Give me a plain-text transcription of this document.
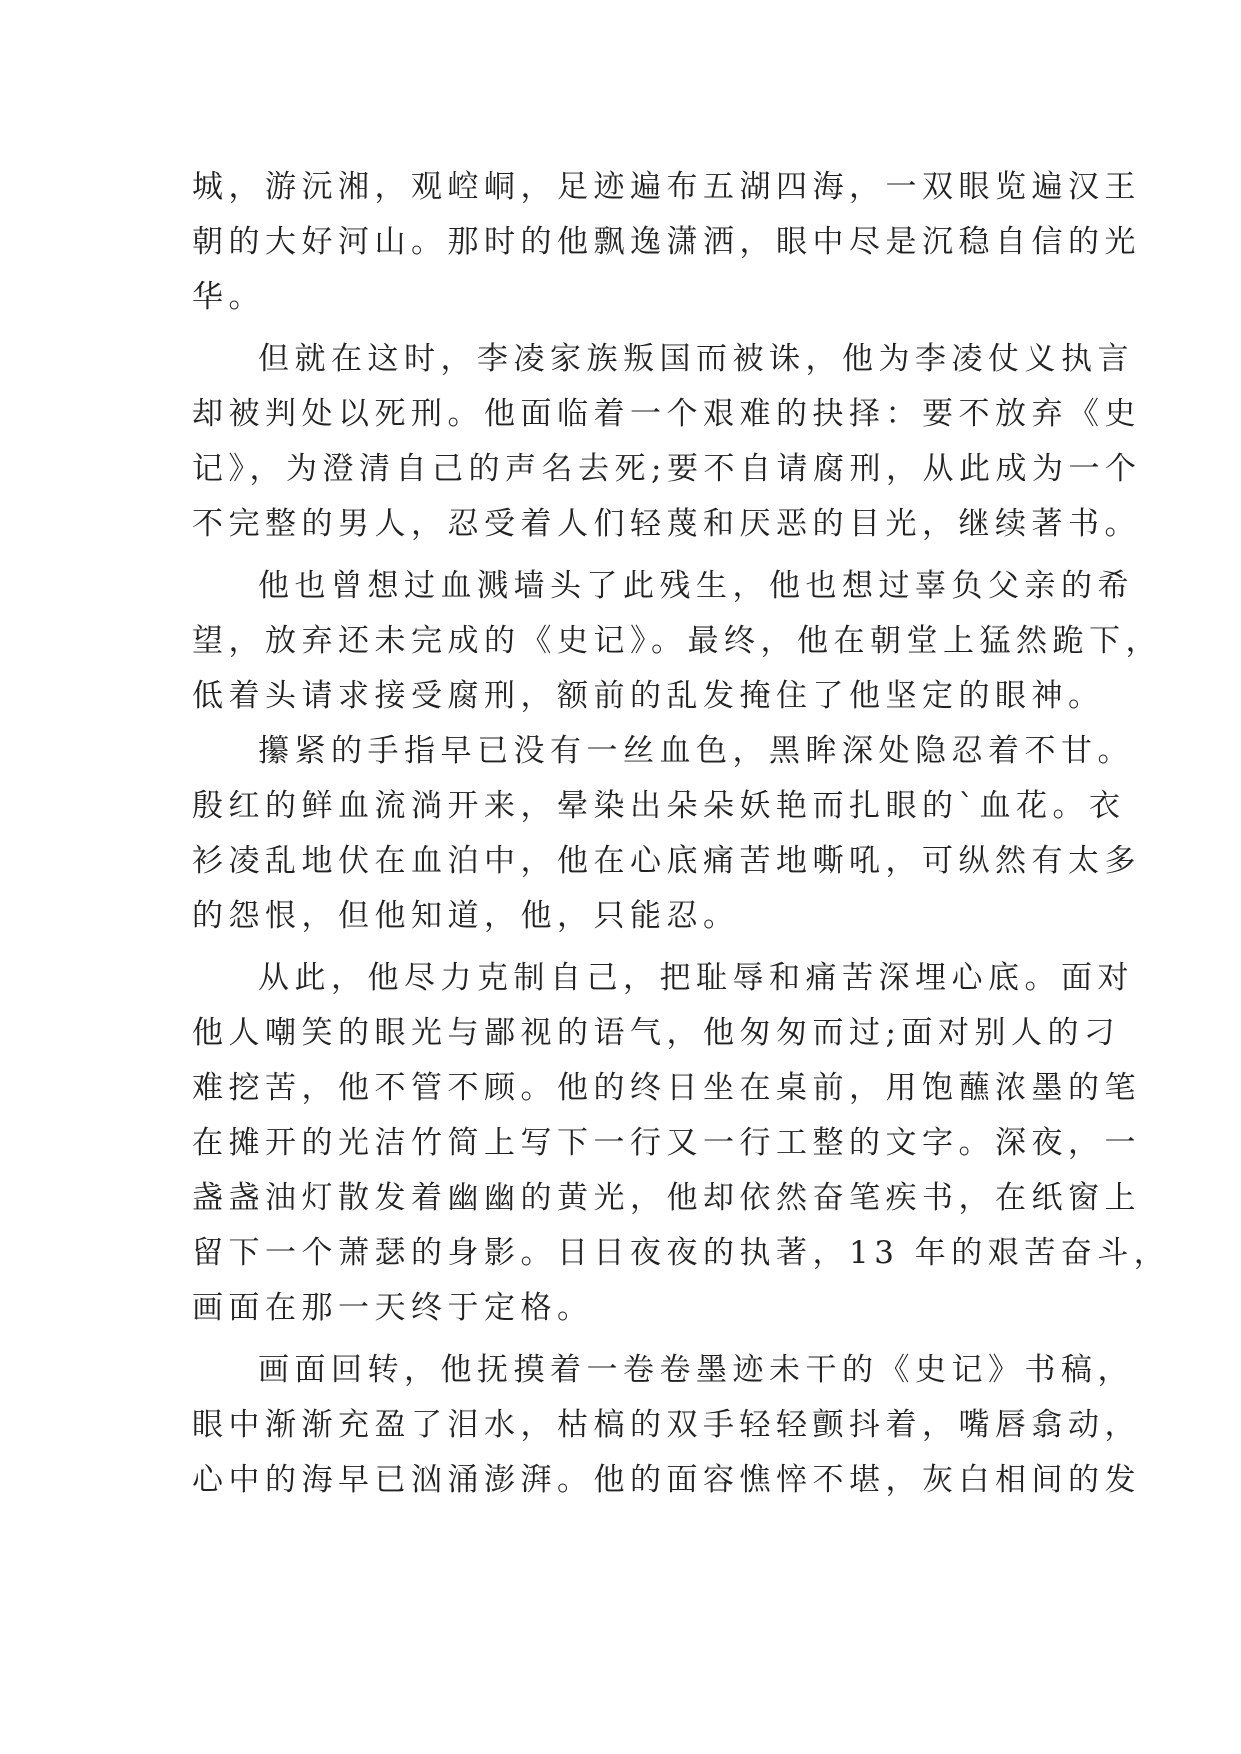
城，游沅湘，观崆峒，足迹遍布五湖四海，一双眼览遍汉王
朝的大好河山。那时的他飘逸潇洒，眼中尽是沉稳自信的光
华。
但就在这时，李凌家族叛国而被诛，他为李凌仗义执言
却被判处以死刑。他面临着一个艰难的抉择：要不放弃《史
记》，为澄清自己的声名去死;要不自请腐刑，从此成为一个
不完整的男人，忍受着人们轻蔑和厌恶的目光，继续著书。
他也曾想过血溅墙头了此残生，他也想过辜负父亲的希
望，放弃还未完成的《史记》。最终，他在朝堂上猛然跪下，
低着头请求接受腐刑，额前的乱发掩住了他坚定的眼神。
攥紧的手指早已没有一丝血色，黑眸深处隐忍着不甘。
殷红的鲜血流淌开来，晕染出朵朵妖艳而扎眼的`血花。衣
衫凌乱地伏在血泊中，他在心底痛苦地嘶吼，可纵然有太多
的怨恨，但他知道，他，只能忍。
从此，他尽力克制自己，把耻辱和痛苦深埋心底。面对
他人嘲笑的眼光与鄙视的语气，他匆匆而过;面对别人的刁
难挖苦，他不管不顾。他的终日坐在桌前，用饱蘸浓墨的笔
在摊开的光洁竹简上写下一行又一行工整的文字。深夜，一
盏盏油灯散发着幽幽的黄光，他却依然奋笔疾书，在纸窗上
留下一个萧瑟的身影。日日夜夜的执著，13 年的艰苦奋斗，
画面在那一天终于定格。
画面回转，他抚摸着一卷卷墨迹未干的《史记》书稿，
眼中渐渐充盈了泪水，枯槁的双手轻轻颤抖着，嘴唇翕动，
心中的海早已汹涌澎湃。他的面容憔悴不堪，灰白相间的发
